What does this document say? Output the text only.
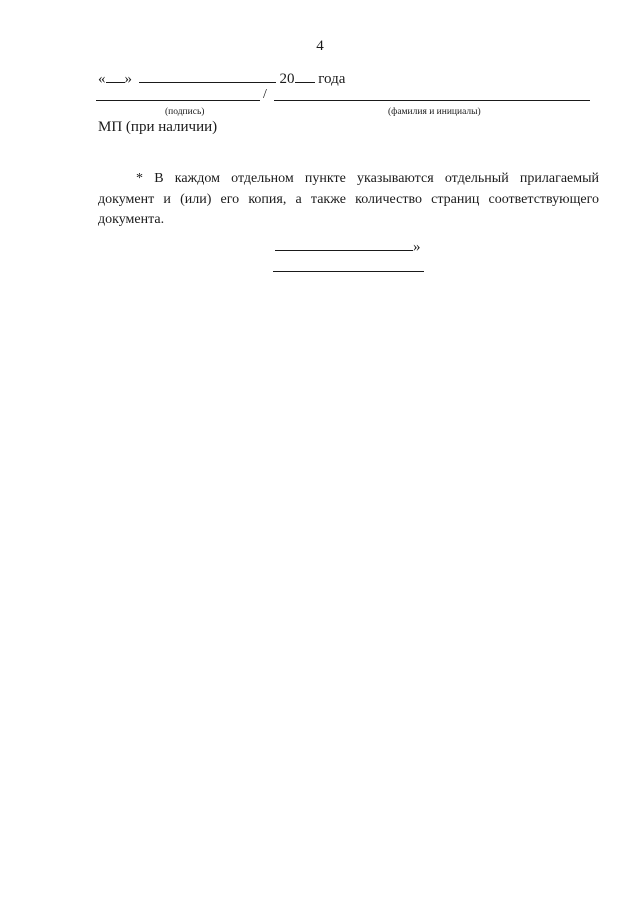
4
« »	20 года
/
(подпись)	(фамилия и инициалы)
МП (при наличии)
* В каждом отдельном пункте указываются отдельный прилагаемый документ и (или) его копия, а также количество страниц соответствующего документа.
»
